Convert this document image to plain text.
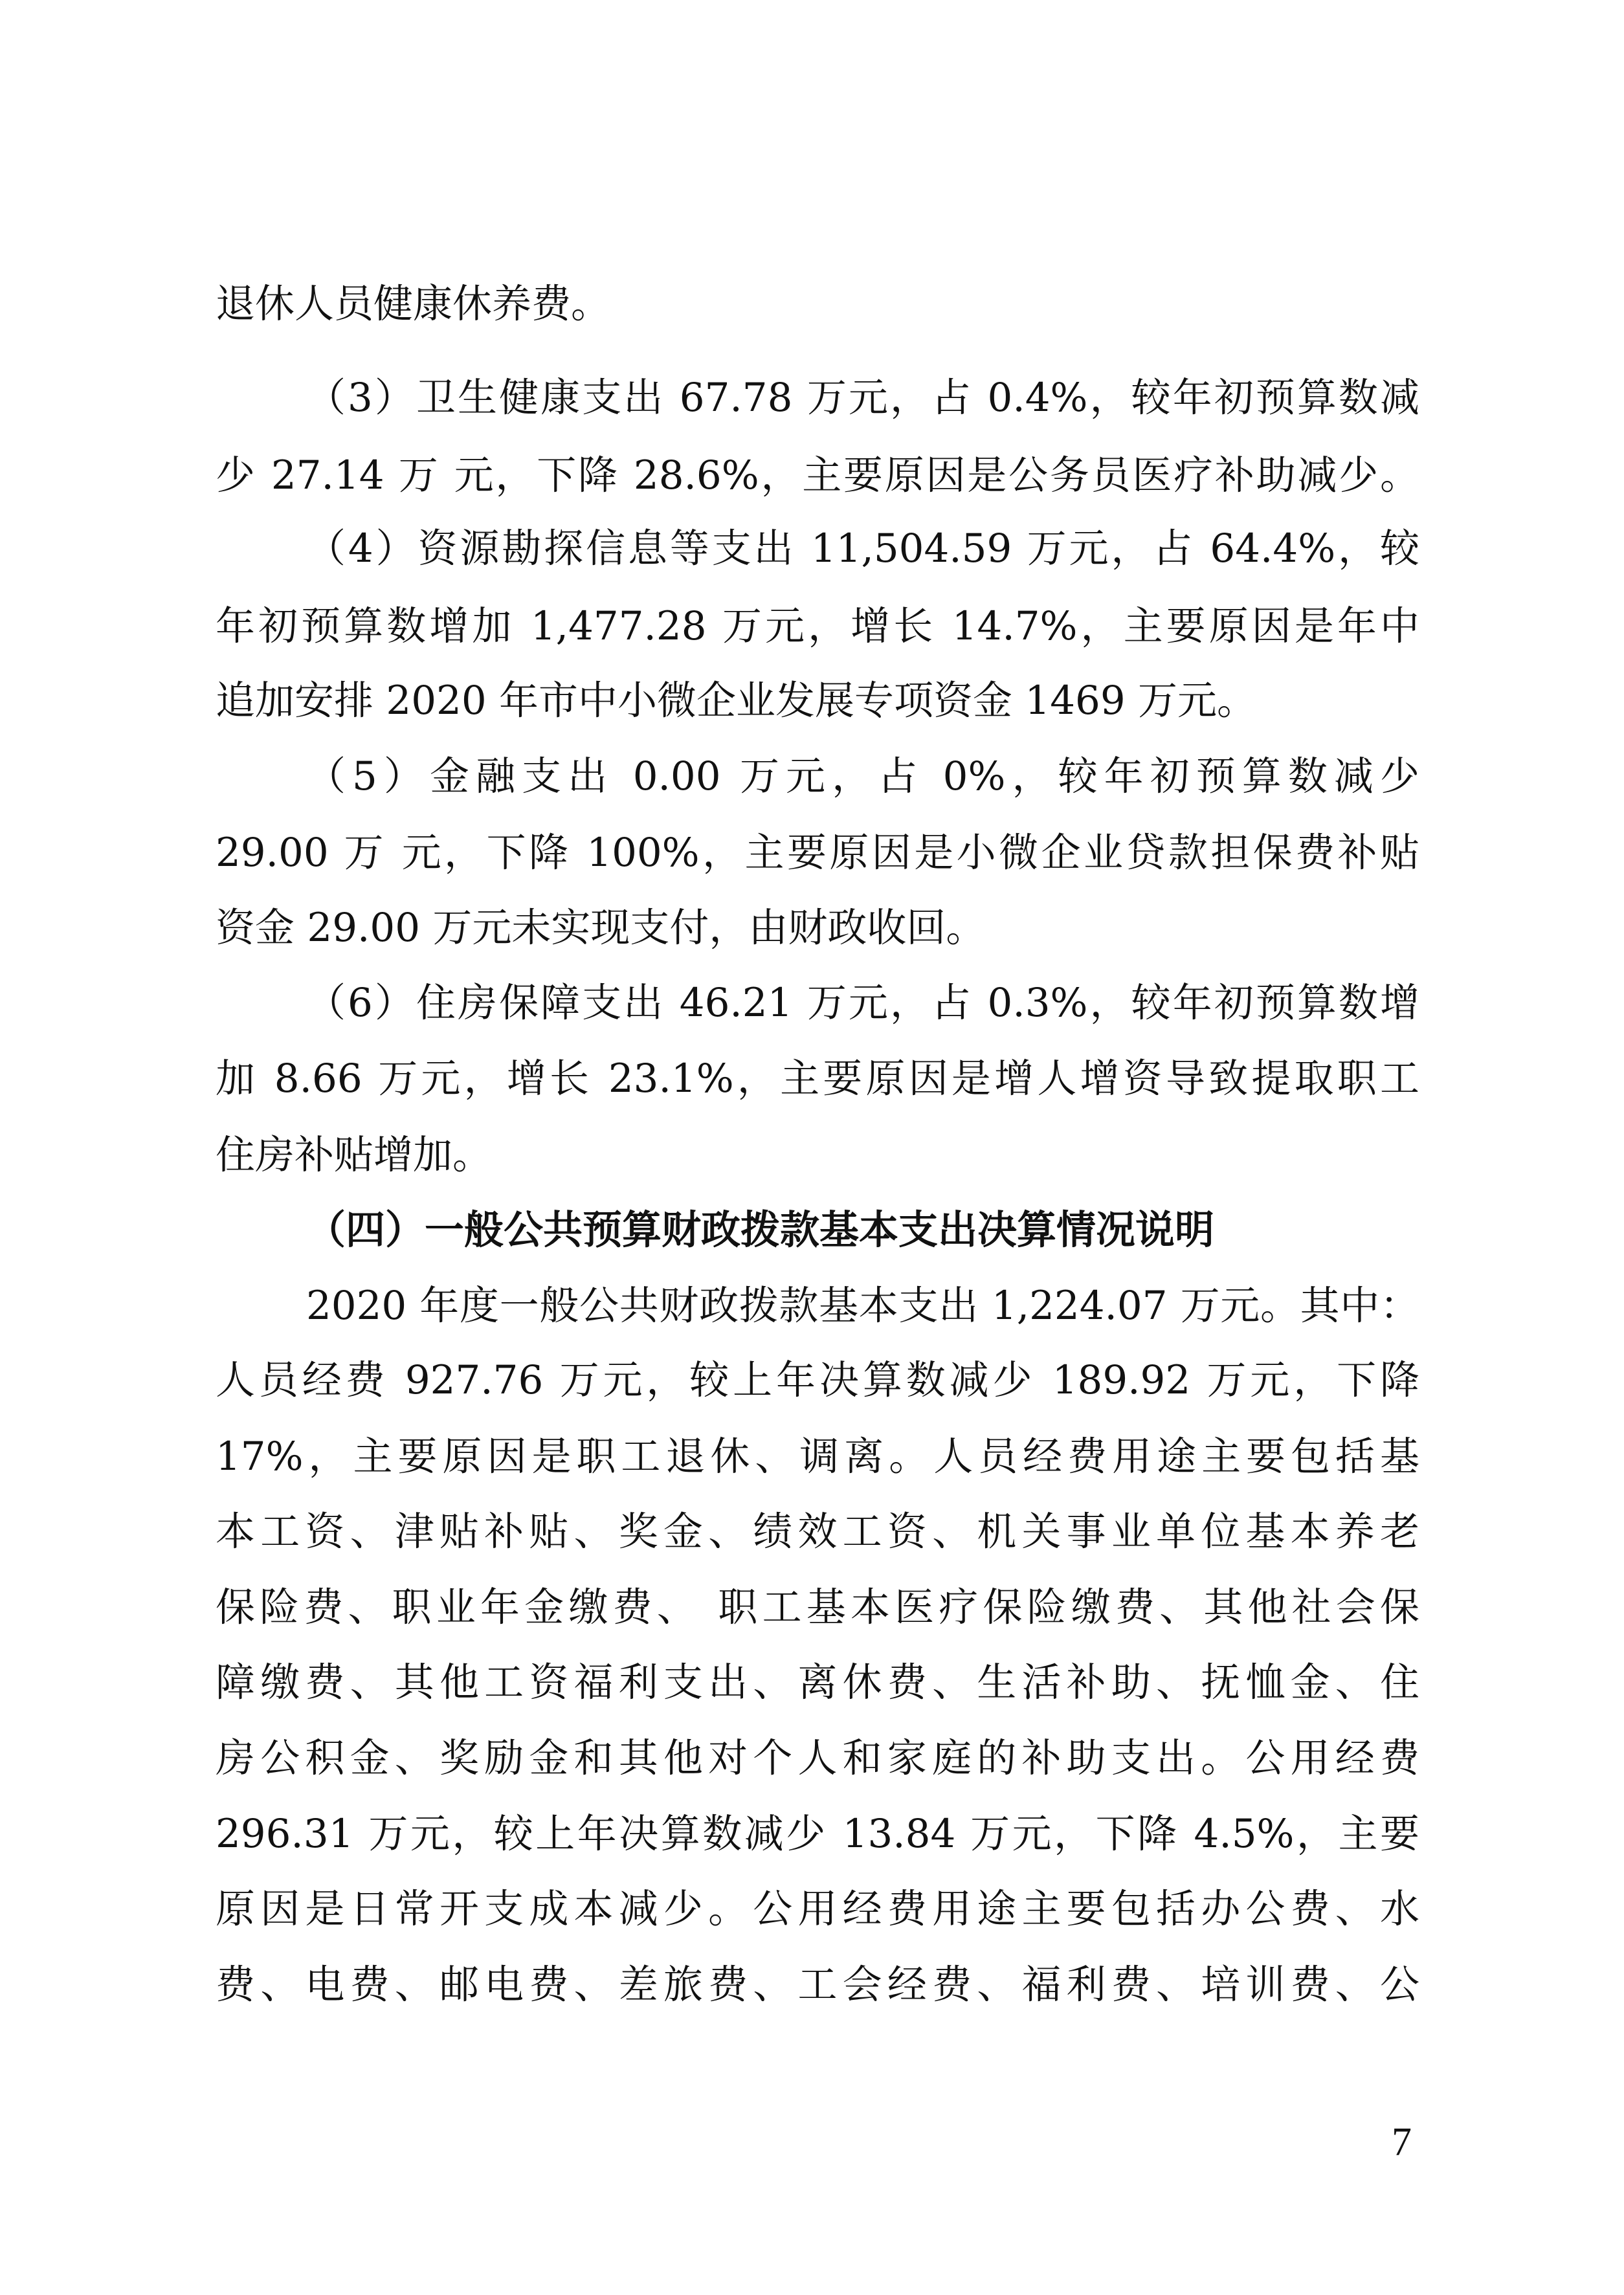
退休人员健康休养费。
（3）卫生健康支出 67.78 万元，占 0.4%，较年初预算数减
少 27.14 万 元，下降 28.6%，主要原因是公务员医疗补助减少。
（4）资源勘探信息等支出 11,504.59 万元，占 64.4%，较
年初预算数增加 1,477.28 万元，增长 14.7%，主要原因是年中
追加安排 2020 年市中小微企业发展专项资金 1469 万元。
（5）金融支出 0.00 万元，占 0%，较年初预算数减少
29.00 万 元，下降 100%，主要原因是小微企业贷款担保费补贴
资金 29.00 万元未实现支付，由财政收回。
（6）住房保障支出 46.21 万元，占 0.3%，较年初预算数增
加 8.66 万元，增长 23.1%，主要原因是增人增资导致提取职工
住房补贴增加。
（四）一般公共预算财政拨款基本支出决算情况说明
2020 年度一般公共财政拨款基本支出 1,224.07 万元。其中：
人员经费 927.76 万元，较上年决算数减少 189.92 万元，下降
17%，主要原因是职工退休、调离。人员经费用途主要包括基
本工资、津贴补贴、奖金、绩效工资、机关事业单位基本养老
保险费、职业年金缴费、 职工基本医疗保险缴费、其他社会保
障缴费、其他工资福利支出、离休费、生活补助、抚恤金、住
房公积金、奖励金和其他对个人和家庭的补助支出。公用经费
296.31 万元，较上年决算数减少 13.84 万元，下降 4.5%，主要
原因是日常开支成本减少。公用经费用途主要包括办公费、水
费、电费、邮电费、差旅费、工会经费、福利费、培训费、公
7
